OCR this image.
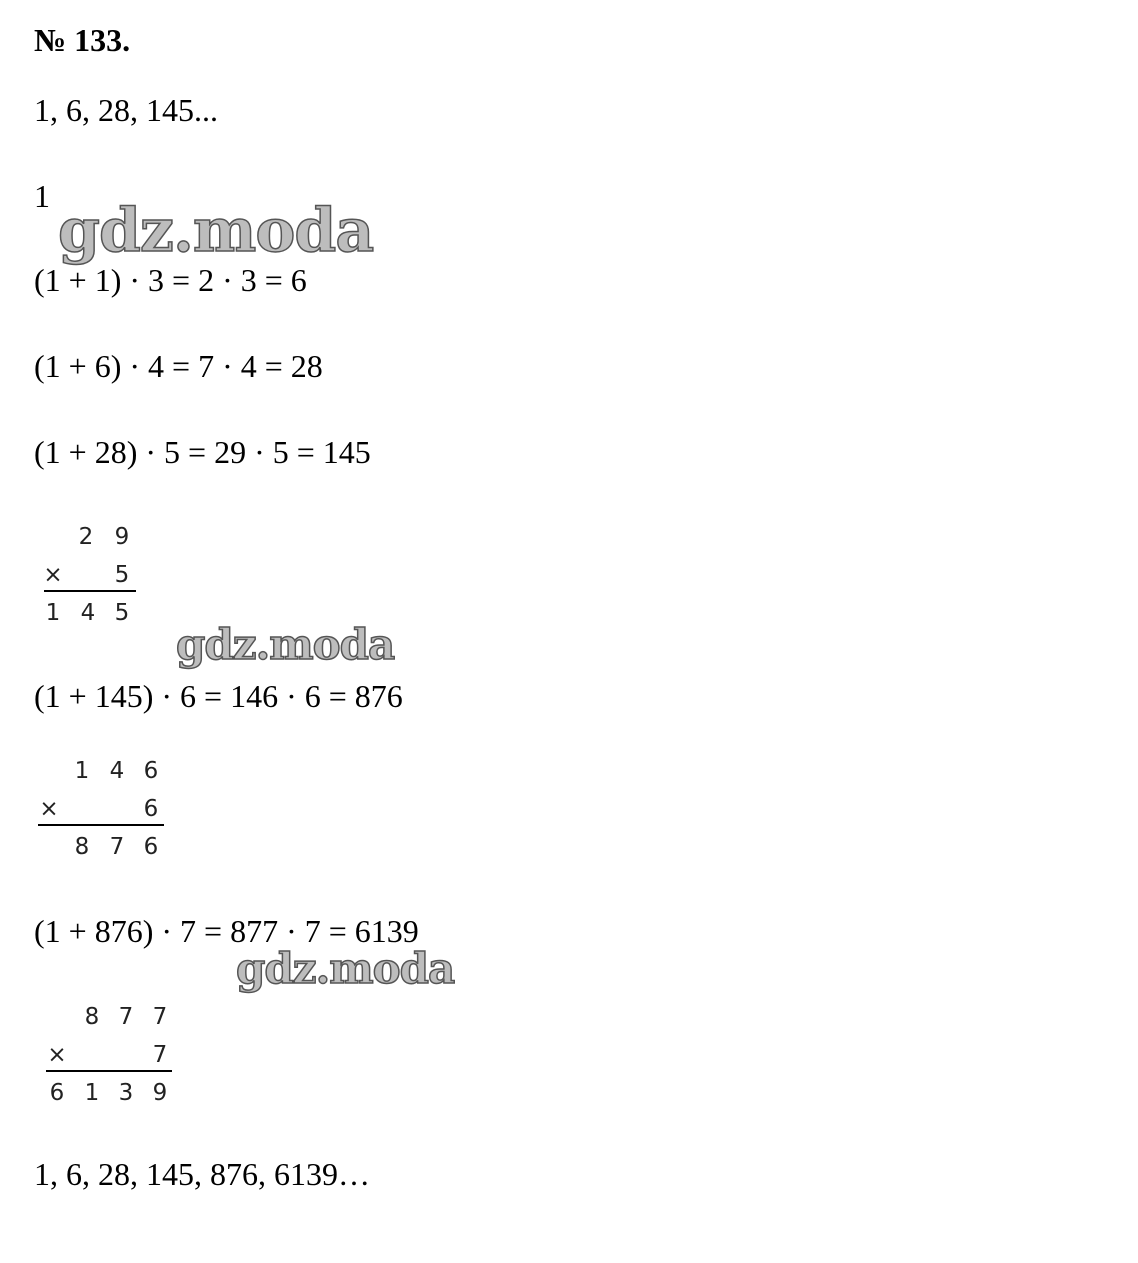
№ 133.
1, 6, 28, 145...
1 gdz.moda
(1 + 1) · 3 = 2 · 3 = 6
(1 + 6) · 4 = 7 · 4 = 28
(1 + 28) · 5 = 29 · 5 = 145
2 9
× 5
1 4 5
gdz.moda
(1 + 145) · 6 = 146 · 6 = 876
1 4 6
×	6
8 7 6
(1 + 876) · 7 = 877 · 7 = 6139
gdz.moda
8 7 7
×	7
6 1 3 9
1, 6, 28, 145, 876, 6139…
